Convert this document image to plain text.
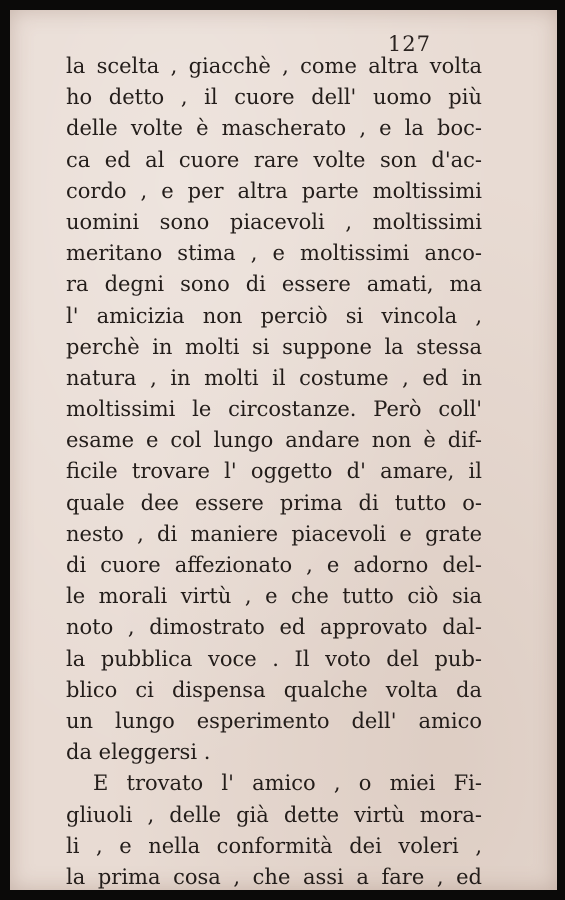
127
la scelta , giacchè , come altra volta
ho detto , il cuore dell' uomo più
delle volte è mascherato , e la boc-
ca ed al cuore rare volte son d'ac-
cordo , e per altra parte moltissimi
uomini sono piacevoli , moltissimi
meritano stima , e moltissimi anco-
ra degni sono di essere amati, ma
l' amicizia non perciò si vincola ,
perchè in molti si suppone la stessa
natura , in molti il costume , ed in
moltissimi le circostanze. Però coll'
esame e col lungo andare non è dif-
ficile trovare l' oggetto d' amare, il
quale dee essere prima di tutto o-
nesto , di maniere piacevoli e grate
di cuore affezionato , e adorno del-
le morali virtù , e che tutto ciò sia
noto , dimostrato ed approvato dal-
la pubblica voce . Il voto del pub-
blico ci dispensa qualche volta da
un lungo esperimento dell' amico
da eleggersi .
E trovato l' amico , o miei Fi-
gliuoli , delle già dette virtù mora-
li , e nella conformità dei voleri ,
la prima cosa , che assi a fare , ed
